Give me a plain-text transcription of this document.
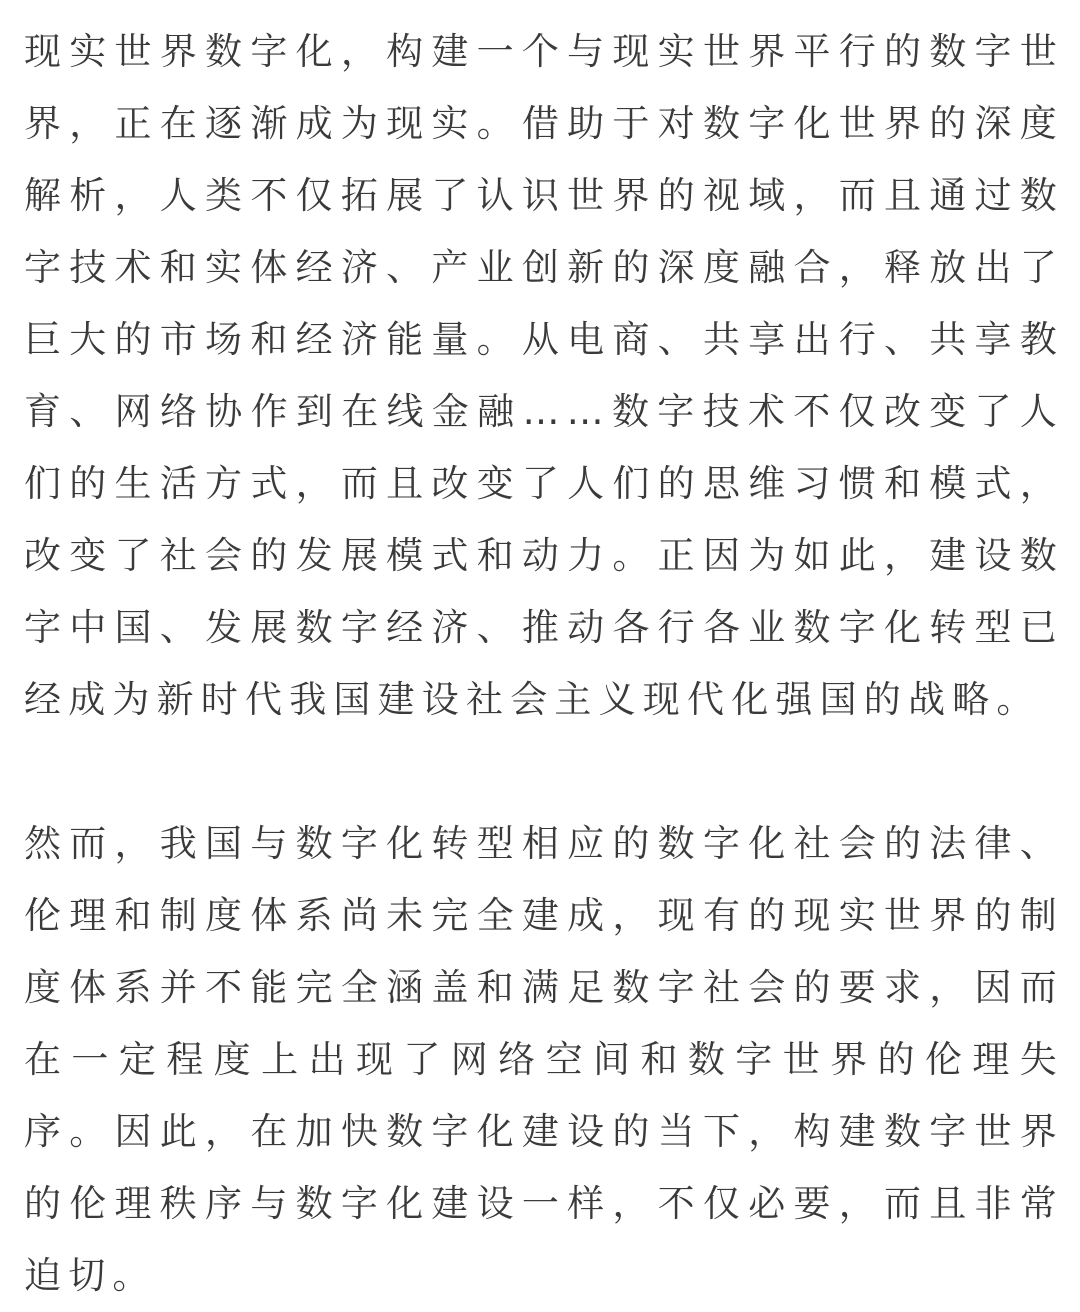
现实世界数字化，构建一个与现实世界平行的数字世界，正在逐渐成为现实。借助于对数字化世界的深度解析，人类不仅拓展了认识世界的视域，而且通过数字技术和实体经济、产业创新的深度融合，释放出了巨大的市场和经济能量。从电商、共享出行、共享教育、网络协作到在线金融……数字技术不仅改变了人们的生活方式，而且改变了人们的思维习惯和模式，改变了社会的发展模式和动力。正因为如此，建设数字中国、发展数字经济、推动各行各业数字化转型已经成为新时代我国建设社会主义现代化强国的战略。

然而，我国与数字化转型相应的数字化社会的法律、伦理和制度体系尚未完全建成，现有的现实世界的制度体系并不能完全涵盖和满足数字社会的要求，因而在一定程度上出现了网络空间和数字世界的伦理失序。因此，在加快数字化建设的当下，构建数字世界的伦理秩序与数字化建设一样，不仅必要，而且非常迫切。
